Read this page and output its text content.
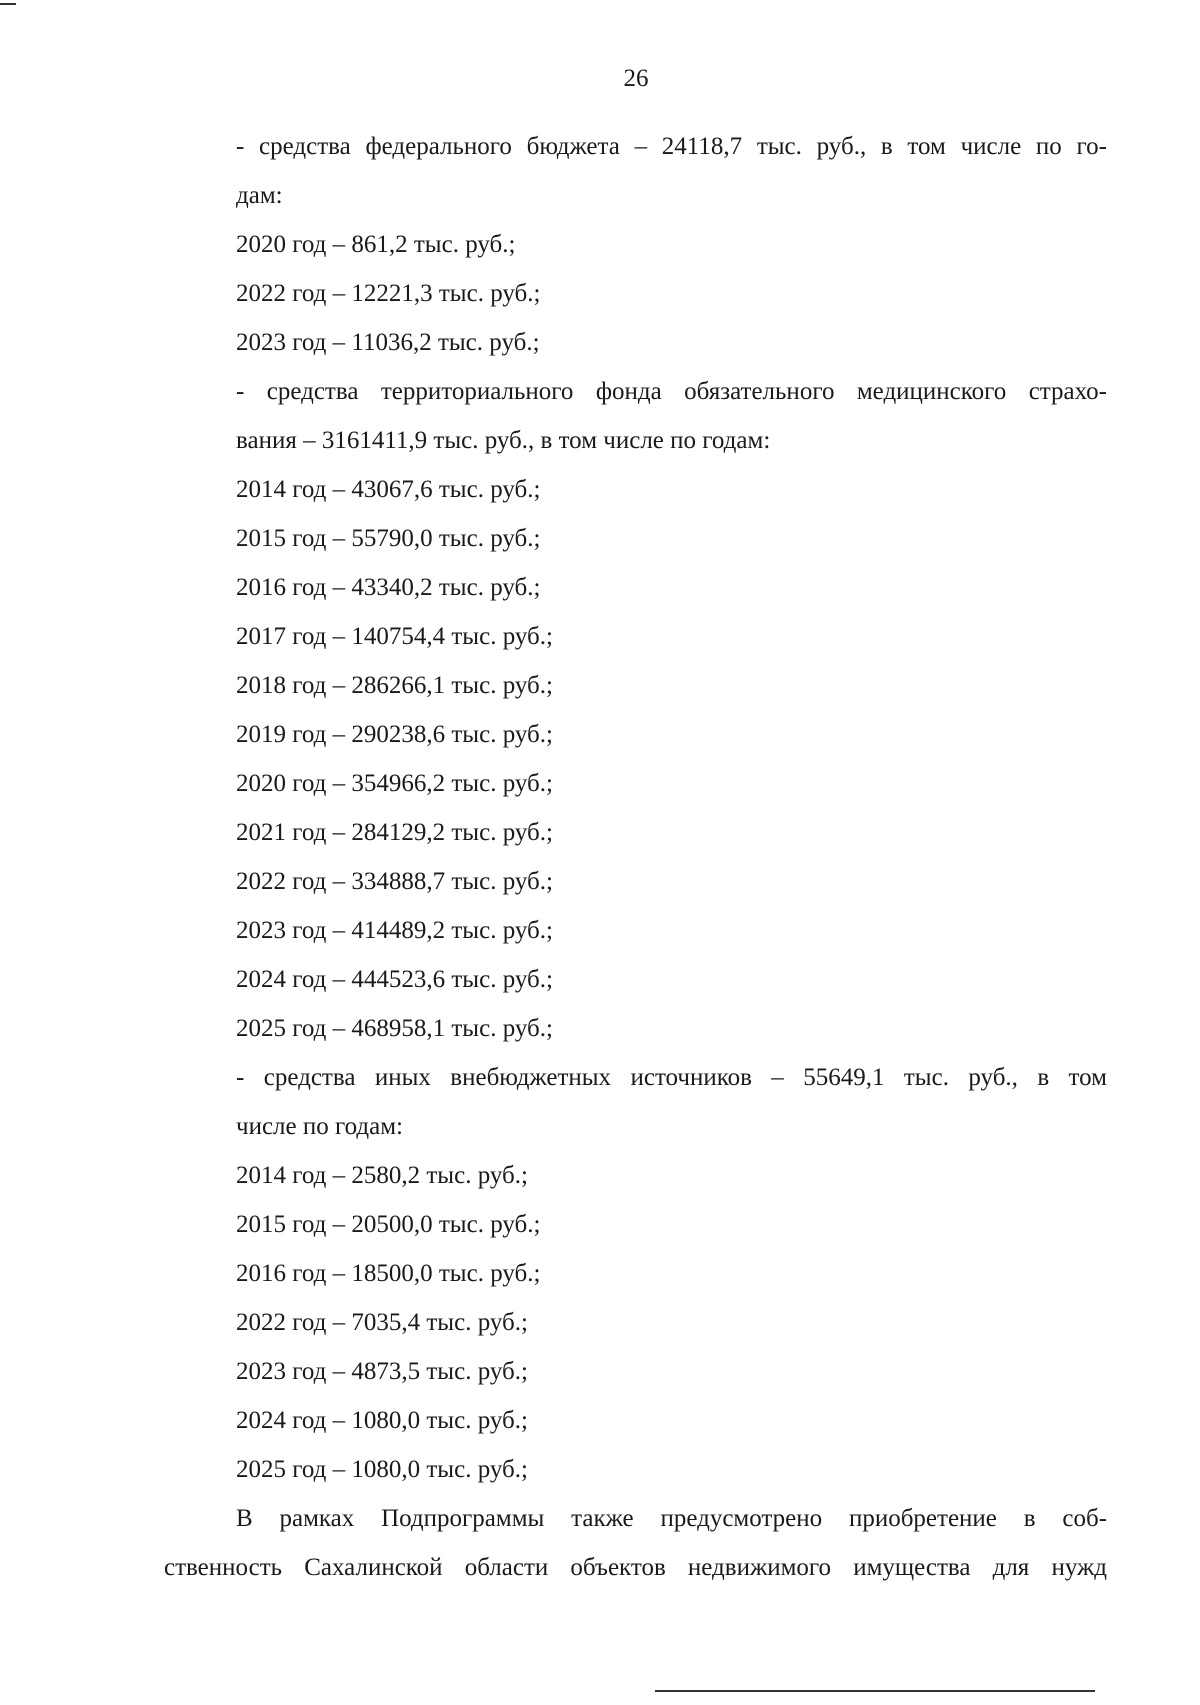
26
- средства федерального бюджета – 24118,7 тыс. руб., в том числе по го-
дам:
2020 год – 861,2 тыс. руб.;
2022 год – 12221,3 тыс. руб.;
2023 год – 11036,2 тыс. руб.;
- средства территориального фонда обязательного медицинского страхо-
вания – 3161411,9 тыс. руб., в том числе по годам:
2014 год – 43067,6 тыс. руб.;
2015 год – 55790,0 тыс. руб.;
2016 год – 43340,2 тыс. руб.;
2017 год – 140754,4 тыс. руб.;
2018 год – 286266,1 тыс. руб.;
2019 год – 290238,6 тыс. руб.;
2020 год – 354966,2 тыс. руб.;
2021 год – 284129,2 тыс. руб.;
2022 год – 334888,7 тыс. руб.;
2023 год – 414489,2 тыс. руб.;
2024 год – 444523,6 тыс. руб.;
2025 год – 468958,1 тыс. руб.;
- средства иных внебюджетных источников – 55649,1 тыс. руб., в том
числе по годам:
2014 год – 2580,2 тыс. руб.;
2015 год – 20500,0 тыс. руб.;
2016 год – 18500,0 тыс. руб.;
2022 год – 7035,4 тыс. руб.;
2023 год – 4873,5 тыс. руб.;
2024 год – 1080,0 тыс. руб.;
2025 год – 1080,0 тыс. руб.;
В рамках Подпрограммы также предусмотрено приобретение в соб-
ственность Сахалинской области объектов недвижимого имущества для нужд
